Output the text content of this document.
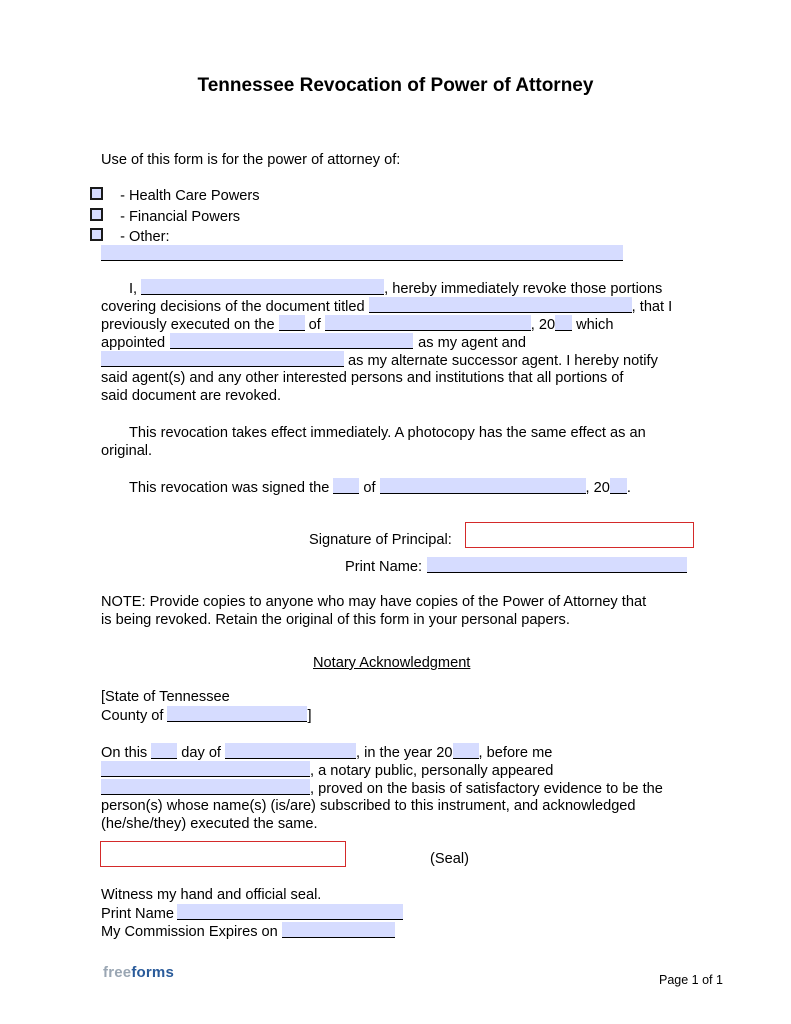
Tennessee Revocation of Power of Attorney
Use of this form is for the power of attorney of:
- Health Care Powers
- Financial Powers
- Other:
I,	, hereby immediately revoke those portions
covering decisions of the document titled	, that I
previously executed on the of	, 20 which
appointed	as my agent and
as my alternate successor agent. I hereby notify
said agent(s) and any other interested persons and institutions that all portions of
said document are revoked.
This revocation takes effect immediately. A photocopy has the same effect as an
original.
This revocation was signed the of	, 20 .
Signature of Principal:
Print Name:
NOTE: Provide copies to anyone who may have copies of the Power of Attorney that
is being revoked. Retain the original of this form in your personal papers.
Notary Acknowledgment
[State of Tennessee
County of	]
On this day of	, in the year 20 , before me
, a notary public, personally appeared
, proved on the basis of satisfactory evidence to be the
person(s) whose name(s) (is/are) subscribed to this instrument, and acknowledged
(he/she/they) executed the same.
(Seal)
Witness my hand and official seal.
Print Name
My Commission Expires on
freeforms	Page 1 of 1
